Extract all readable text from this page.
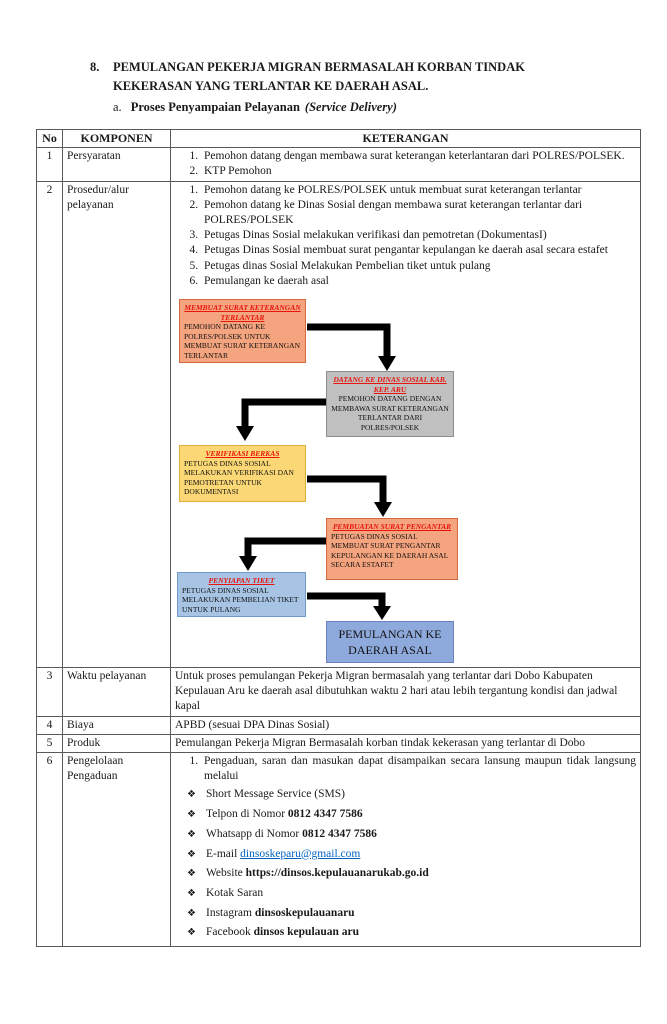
8.	PEMULANGAN PEKERJA MIGRAN BERMASALAH KORBAN TINDAK
KEKERASAN YANG TERLANTAR KE DAERAH ASAL.
a. Proses Penyampaian Pelayanan (Service Delivery)
No	KOMPONEN	KETERANGAN
1	Persyaratan	
1.Pemohon datang dengan membawa surat keterangan keterlantaran dari POLRES/POLSEK.
2. KTP Pemohon

2	Prosedur/alur pelayanan	
1. Pemohon datang ke POLRES/POLSEK untuk membuat surat keterangan terlantar
2. Pemohon datang ke Dinas Sosial dengan membawa surat keterangan terlantar dari POLRES/POLSEK
3. Petugas Dinas Sosial melakukan verifikasi dan pemotretan (DokumentasI)
4. Petugas Dinas Sosial membuat surat pengantar kepulangan ke daerah asal secara estafet
5. Petugas dinas Sosial Melakukan Pembelian tiket untuk pulang
6. Pemulangan ke daerah asal
MEMBUAT SURAT KETERANGAN TERLANTAR
PEMOHON DATANG KE POLRES/POLSEK UNTUK MEMBUAT SURAT KETERANGAN TERLANTAR
DATANG KE DINAS SOSIAL KAB. KEP. ARU
PEMOHON DATANG DENGAN MEMBAWA SURAT KETERANGAN TERLANTAR DARI POLRES/POLSEK
VERIFIKASI BERKAS
PETUGAS DINAS SOSIAL MELAKUKAN VERIFIKASI DAN PEMOTRETAN UNTUK DOKUMENTASI
PEMBUATAN SURAT PENGANTAR
PETUGAS DINAS SOSIAL MEMBUAT SURAT PENGANTAR KEPULANGAN KE DAERAH ASAL SECARA ESTAFET
PENYIAPAN TIKET
PETUGAS DINAS SOSIAL MELAKUKAN PEMBELIAN TIKET UNTUK PULANG
PEMULANGAN KE DAERAH ASAL

3	Waktu pelayanan	Untuk proses pemulangan Pekerja Migran bermasalah yang terlantar dari Dobo Kabupaten Kepulauan Aru ke daerah asal dibutuhkan waktu 2 hari atau lebih tergantung kondisi dan jadwal kapal
4	Biaya	APBD (sesuai DPA Dinas Sosial)
5	Produk	Pemulangan Pekerja Migran Bermasalah korban tindak kekerasan yang terlantar di Dobo
6	Pengelolaan Pengaduan	
1. Pengaduan, saran dan masukan dapat disampaikan secara lansung maupun tidak langsung melalui
❖ Short Message Service (SMS)
❖ Telpon di Nomor 0812 4347 7586
❖ Whatsapp di Nomor 0812 4347 7586
❖ E-mail dinsoskeparu@gmail.com
❖ Website https://dinsos.kepulauanarukab.go.id
❖ Kotak Saran
❖ Instagram dinsoskepulauanaru
❖ Facebook dinsos kepulauan aru
